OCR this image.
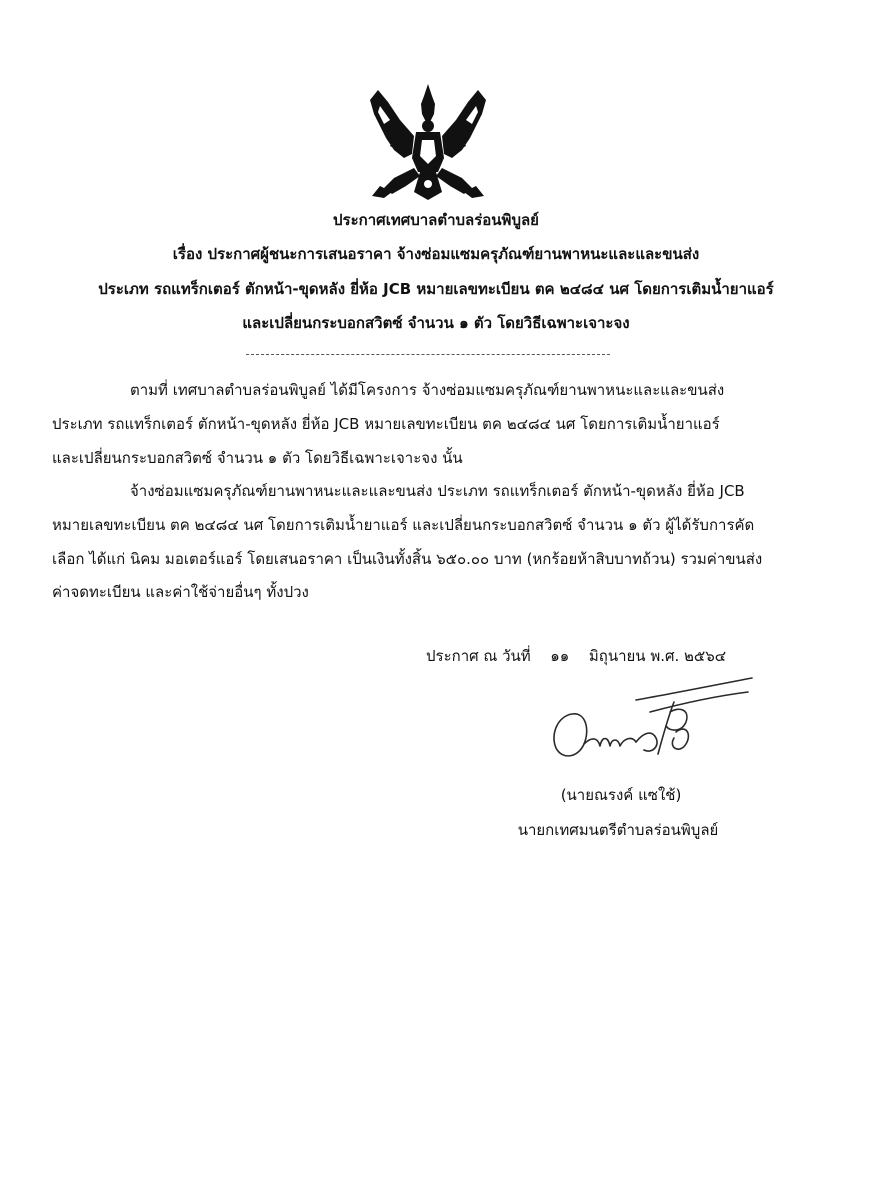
ประกาศเทศบาลตำบลร่อนพิบูลย์
เรื่อง ประกาศผู้ชนะการเสนอราคา จ้างซ่อมแซมครุภัณฑ์ยานพาหนะและและขนส่ง
ประเภท รถแทร็กเตอร์ ตักหน้า-ขุดหลัง ยี่ห้อ JCB หมายเลขทะเบียน ตค ๒๔๘๔ นศ โดยการเติมน้ำยาแอร์
และเปลี่ยนกระบอกสวิตซ์ จำนวน ๑ ตัว โดยวิธีเฉพาะเจาะจง
ตามที่ เทศบาลตำบลร่อนพิบูลย์ ได้มีโครงการ จ้างซ่อมแซมครุภัณฑ์ยานพาหนะและและขนส่ง
ประเภท รถแทร็กเตอร์ ตักหน้า-ขุดหลัง ยี่ห้อ JCB หมายเลขทะเบียน ตค ๒๔๘๔ นศ โดยการเติมน้ำยาแอร์
และเปลี่ยนกระบอกสวิตซ์ จำนวน ๑ ตัว โดยวิธีเฉพาะเจาะจง นั้น
จ้างซ่อมแซมครุภัณฑ์ยานพาหนะและและขนส่ง ประเภท รถแทร็กเตอร์ ตักหน้า-ขุดหลัง ยี่ห้อ JCB
หมายเลขทะเบียน ตค ๒๔๘๔ นศ โดยการเติมน้ำยาแอร์ และเปลี่ยนกระบอกสวิตซ์ จำนวน ๑ ตัว ผู้ได้รับการคัด
เลือก ได้แก่ นิคม มอเตอร์แอร์ โดยเสนอราคา เป็นเงินทั้งสิ้น ๖๕๐.๐๐ บาท (หกร้อยห้าสิบบาทถ้วน) รวมค่าขนส่ง
ค่าจดทะเบียน และค่าใช้จ่ายอื่นๆ ทั้งปวง
ประกาศ ณ วันที่ ๑๑ มิถุนายน พ.ศ. ๒๕๖๔
(นายณรงค์ แซใช้)
นายกเทศมนตรีตำบลร่อนพิบูลย์
